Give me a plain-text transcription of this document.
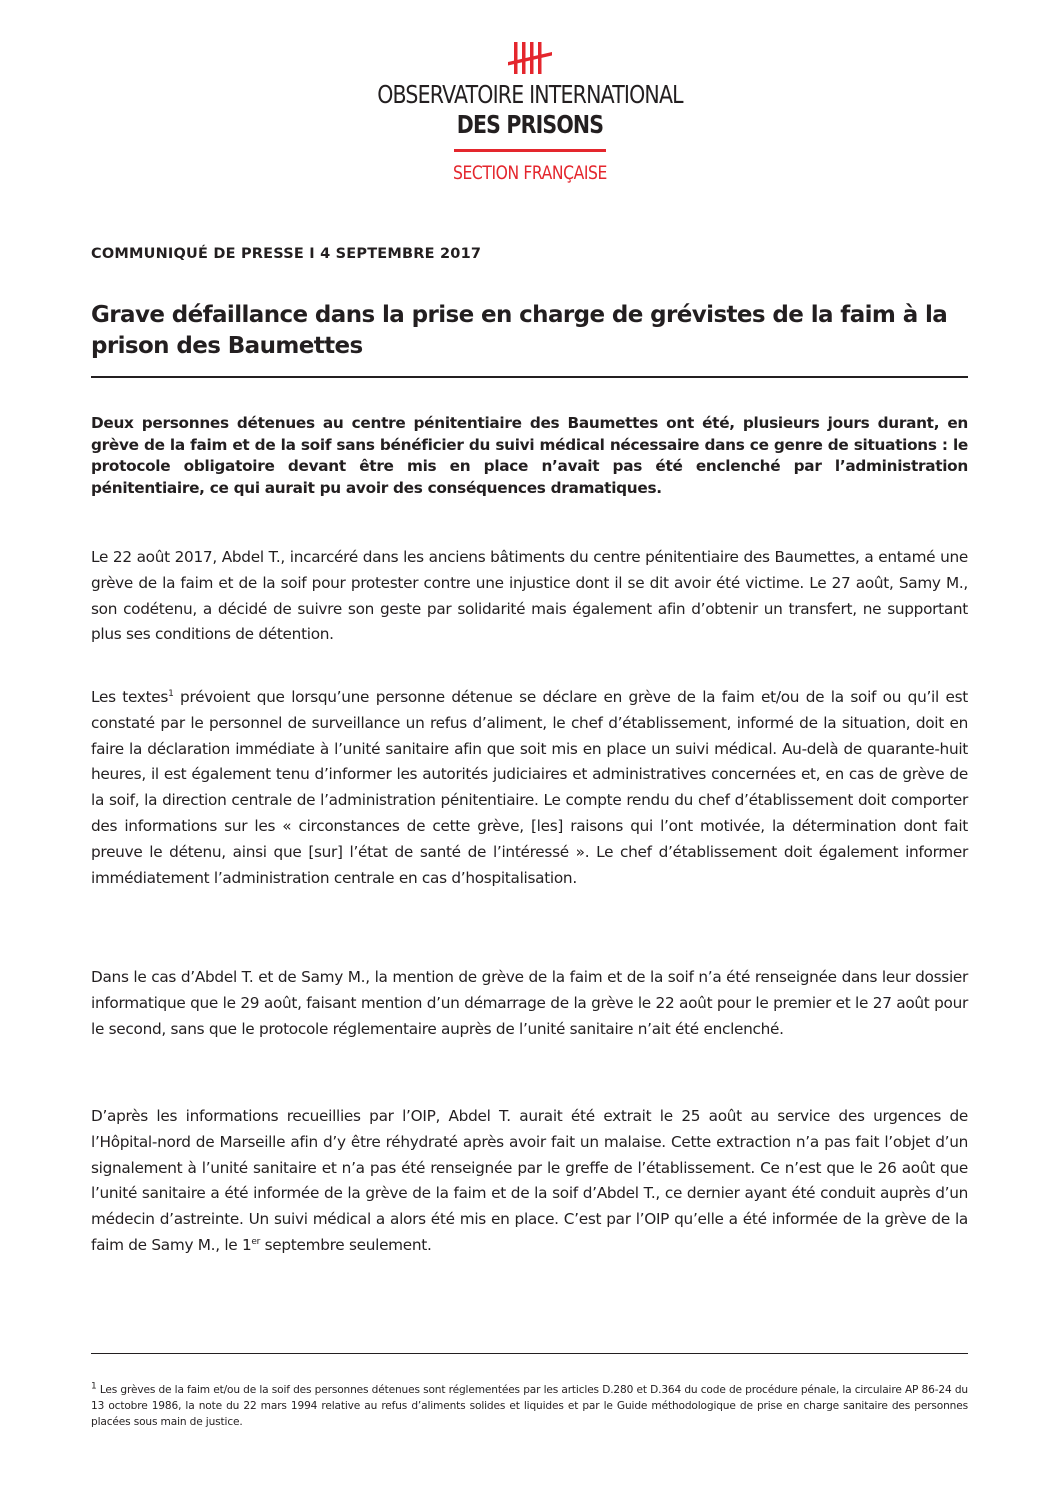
OBSERVATOIRE INTERNATIONAL
DES PRISONS
SECTION FRANÇAISE
COMMUNIQUÉ DE PRESSE I 4 SEPTEMBRE 2017
Grave défaillance dans la prise en charge de grévistes de la faim à la prison des Baumettes

Deux personnes détenues au centre pénitentiaire des Baumettes ont été, plusieurs jours durant, en grève de la faim et de la soif sans bénéficier du suivi médical nécessaire dans ce genre de situations : le protocole obligatoire devant être mis en place n’avait pas été enclenché par l’administration pénitentiaire, ce qui aurait pu avoir des conséquences dramatiques.

Le 22 août 2017, Abdel T., incarcéré dans les anciens bâtiments du centre pénitentiaire des Baumettes, a entamé une grève de la faim et de la soif pour protester contre une injustice dont il se dit avoir été victime. Le 27 août, Samy M., son codétenu, a décidé de suivre son geste par solidarité mais également afin d’obtenir un transfert, ne supportant plus ses conditions de détention.

Les textes$^1$ prévoient que lorsqu’une personne détenue se déclare en grève de la faim et/ou de la soif ou qu’il est constaté par le personnel de surveillance un refus d’aliment, le chef d’établissement, informé de la situation, doit en faire la déclaration immédiate à l’unité sanitaire afin que soit mis en place un suivi médical. Au-delà de quarante-huit heures, il est également tenu d’informer les autorités judiciaires et administratives concernées et, en cas de grève de la soif, la direction centrale de l’administration pénitentiaire. Le compte rendu du chef d’établissement doit comporter des informations sur les « circonstances de cette grève, [les] raisons qui l’ont motivée, la détermination dont fait preuve le détenu, ainsi que [sur] l’état de santé de l’intéressé ». Le chef d’établissement doit également informer immédiatement l’administration centrale en cas d’hospitalisation.

Dans le cas d’Abdel T. et de Samy M., la mention de grève de la faim et de la soif n’a été renseignée dans leur dossier informatique que le 29 août, faisant mention d’un démarrage de la grève le 22 août pour le premier et le 27 août pour le second, sans que le protocole réglementaire auprès de l’unité sanitaire n’ait été enclenché.

D’après les informations recueillies par l’OIP, Abdel T. aurait été extrait le 25 août au service des urgences de l’Hôpital-nord de Marseille afin d’y être réhydraté après avoir fait un malaise. Cette extraction n’a pas fait l’objet d’un signalement à l’unité sanitaire et n’a pas été renseignée par le greffe de l’établissement. Ce n’est que le 26 août que l’unité sanitaire a été informée de la grève de la faim et de la soif d’Abdel T., ce dernier ayant été conduit auprès d’un médecin d’astreinte. Un suivi médical a alors été mis en place. C’est par l’OIP qu’elle a été informée de la grève de la faim de Samy M., le 1er septembre seulement.

$^1$ Les grèves de la faim et/ou de la soif des personnes détenues sont réglementées par les articles D.280 et D.364 du code de procédure pénale, la circulaire AP 86-24 du 13 octobre 1986, la note du 22 mars 1994 relative au refus d’aliments solides et liquides et par le Guide méthodologique de prise en charge sanitaire des personnes placées sous main de justice.
